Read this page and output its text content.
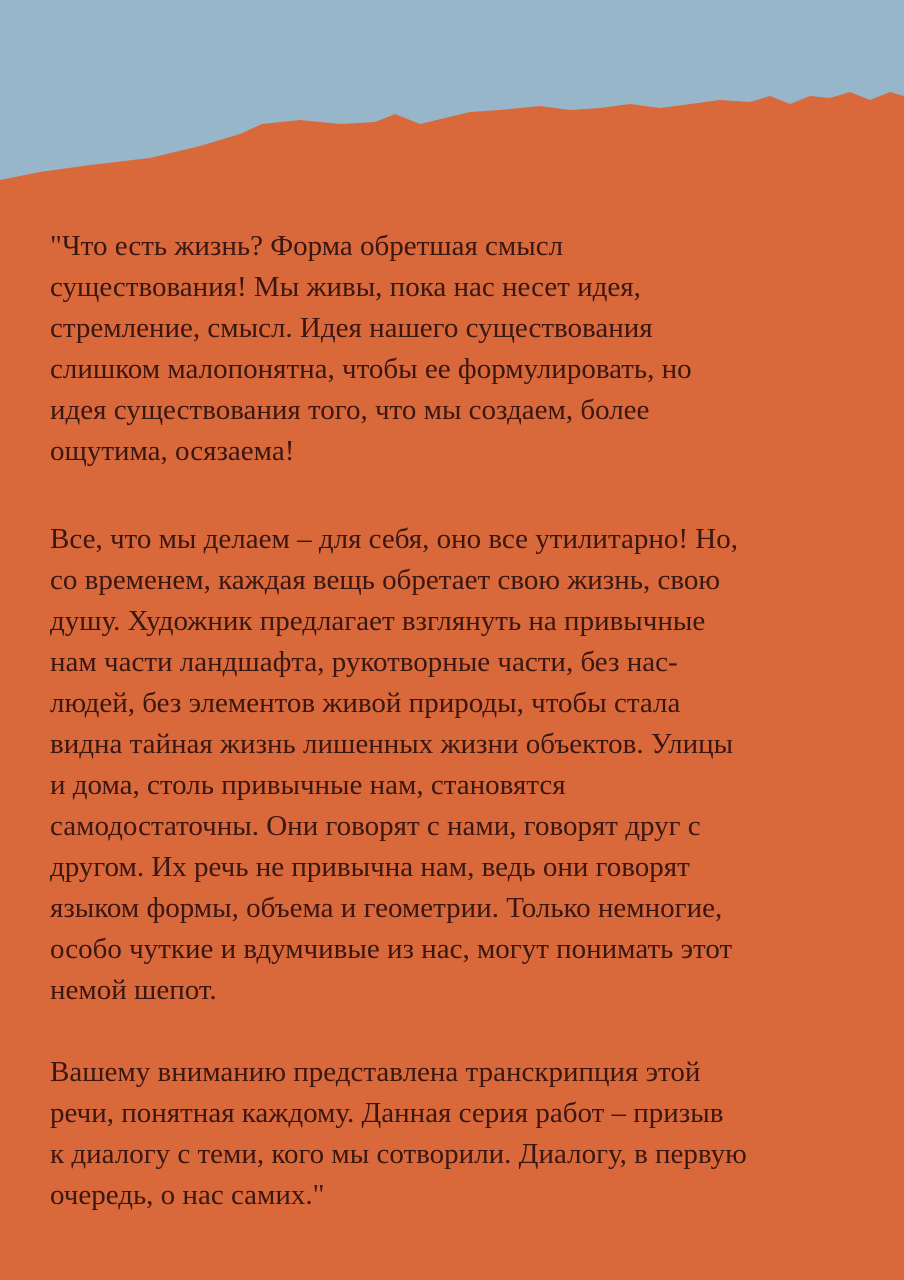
"Что есть жизнь? Форма обретшая смысл
существования! Мы живы, пока нас несет идея,
стремление, смысл. Идея нашего существования
слишком малопонятна, чтобы ее формулировать, но
идея существования того, что мы создаем, более
ощутима, осязаема!

Все, что мы делаем – для себя, оно все утилитарно! Но,
со временем, каждая вещь обретает свою жизнь, свою
душу. Художник предлагает взглянуть на привычные
нам части ландшафта, рукотворные части, без нас-
людей, без элементов живой природы, чтобы стала
видна тайная жизнь лишенных жизни объектов. Улицы
и дома, столь привычные нам, становятся
самодостаточны. Они говорят с нами, говорят друг с
другом. Их речь не привычна нам, ведь они говорят
языком формы, объема и геометрии. Только немногие,
особо чуткие и вдумчивые из нас, могут понимать этот
немой шепот.

Вашему вниманию представлена транскрипция этой
речи, понятная каждому. Данная серия работ – призыв
к диалогу с теми, кого мы сотворили. Диалогу, в первую
очередь, о нас самих."
